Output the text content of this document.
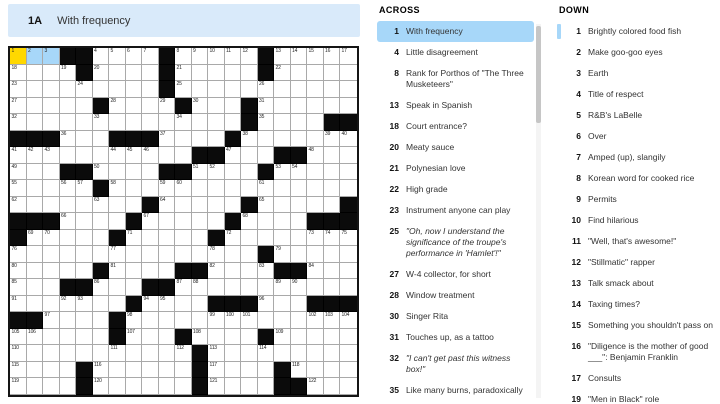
1A With frequency
1	2	3	4	5	6	7	8	9	10 11 12	13 14 15 16 17
18	19	20	21	22
23	24	25	26
27	28	29	30	31
32	33	34	35
36	37	38	39 40
41 42 43	44 45 46	47	48
49	50	51 52	53 54
55	56 57	58	59 60	61
62	63	64	65
66	67	68
69 70	71	72	73 74 75
76	77	78	79
80	81	82	83	84
85	86	87 88	89 90
91	92 93	94 95	96
97	98	99 100 101	102 103 104
105 106	107	108	109
110	111	112	113	114
115	116	117	118
119	120	121	122
ACROSS
1 With frequency
4 Little disagreement
8 Rank for Porthos of "The Three Musketeers"
13 Speak in Spanish
18 Court entrance?
20 Meaty sauce
21 Polynesian love
22 High grade
23 Instrument anyone can play
25 "Oh, now I understand the significance of the troupe's performance in 'Hamlet'!"
27 W-4 collector, for short
28 Window treatment
30 Singer Rita
31 Touches up, as a tattoo
32 "I can't get past this witness box!"
35 Like many burns, paradoxically
DOWN
1 Brightly colored food fish
2 Make goo-goo eyes
3 Earth
4 Title of respect
5 R&B's LaBelle
6 Over
7 Amped (up), slangily
8 Korean word for cooked rice
9 Permits
10 Find hilarious
11 "Well, that's awesome!"
12 "Stillmatic" rapper
13 Talk smack about
14 Taxing times?
15 Something you shouldn't pass on
16 "Diligence is the mother of good ___": Benjamin Franklin
17 Consults
19 "Men in Black" role
